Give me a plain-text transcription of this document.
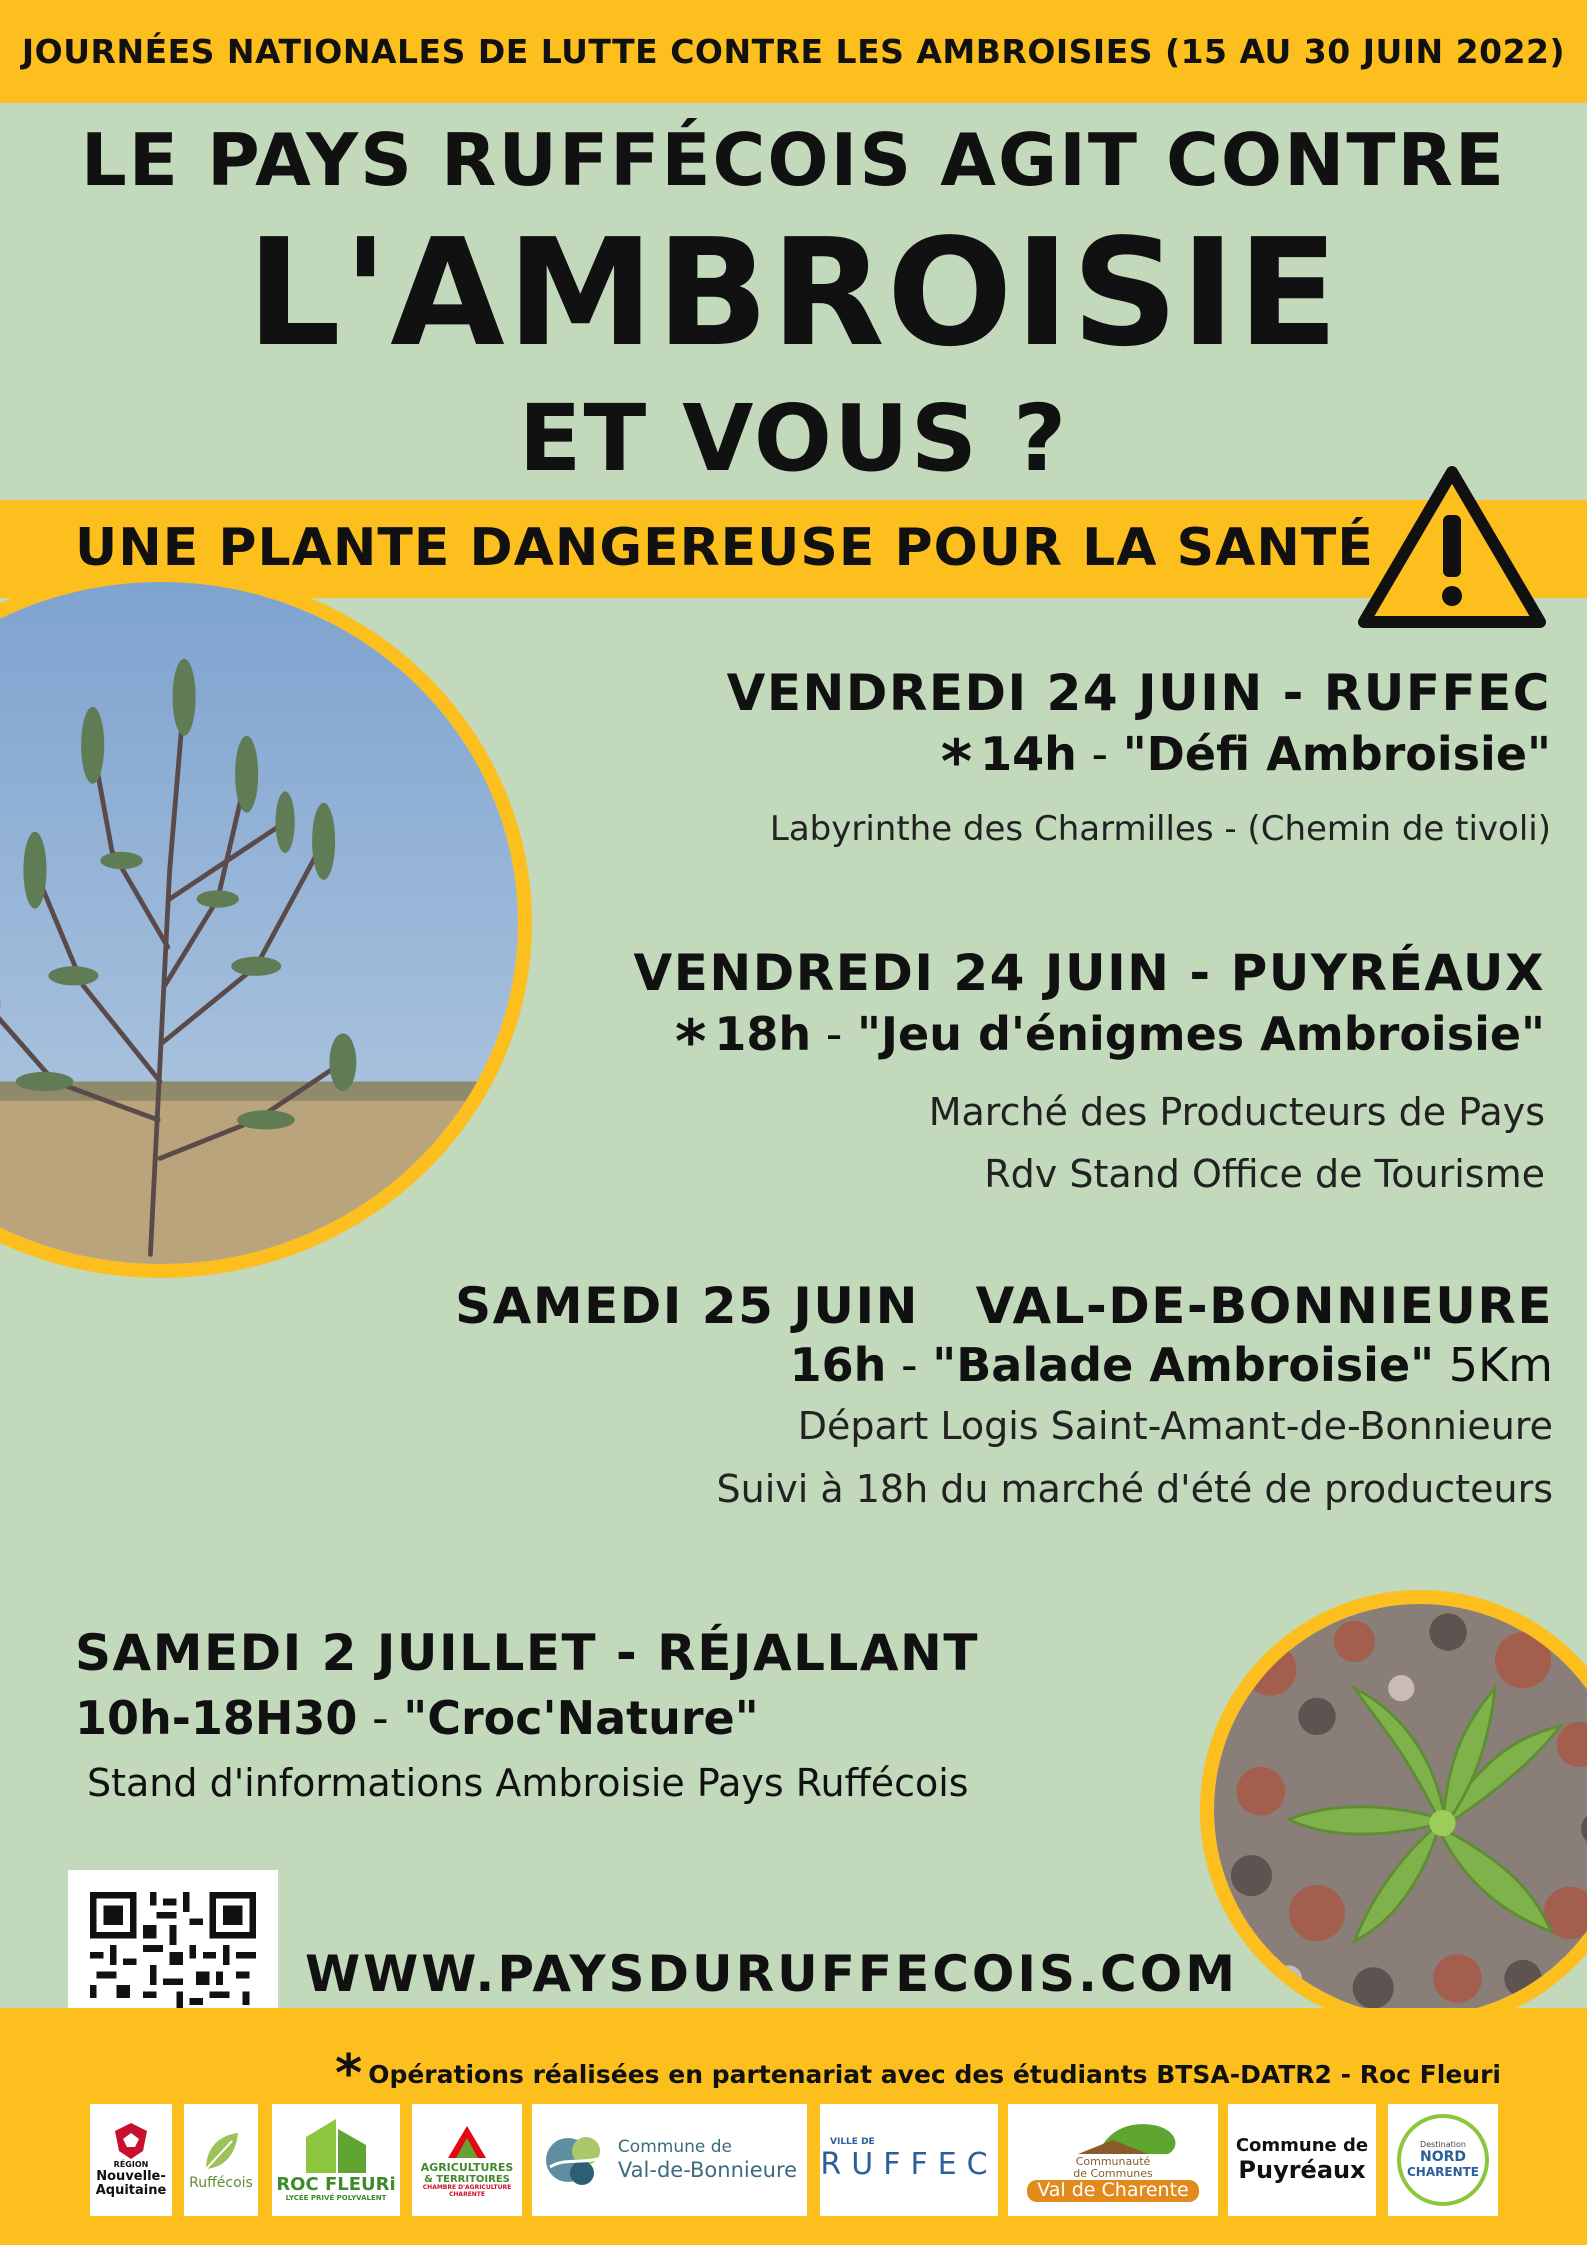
JOURNÉES NATIONALES DE LUTTE CONTRE LES AMBROISIES (15 AU 30 JUIN 2022)
LE PAYS RUFFÉCOIS AGIT CONTRE
L'AMBROISIE
ET VOUS ?
UNE PLANTE DANGEREUSE POUR LA SANTÉ
VENDREDI 24 JUIN - RUFFEC
* 14h - "Défi Ambroisie"
Labyrinthe des Charmilles - (Chemin de tivoli)
VENDREDI 24 JUIN - PUYRÉAUX
* 18h - "Jeu d'énigmes Ambroisie"
Marché des Producteurs de Pays
Rdv Stand Office de Tourisme
SAMEDI 25 JUIN   VAL-DE-BONNIEURE
16h - "Balade Ambroisie" 5Km
Départ Logis Saint-Amant-de-Bonnieure
Suivi à 18h du marché d'été de producteurs
SAMEDI 2 JUILLET - RÉJALLANT
10h-18H30 - "Croc'Nature"
Stand d'informations Ambroisie Pays Ruffécois
WWW.PAYSDURUFFECOIS.COM
* Opérations réalisées en partenariat avec des étudiants BTSA-DATR2 - Roc Fleuri
RÉGION
Nouvelle-
Aquitaine Ruffécois ROC FLEURi
LYCÉE PRIVÉ POLYVALENT
AGRICULTURES
& TERRITOIRES
CHAMBRE D'AGRICULTURE
CHARENTE
Commune de
Val-de-Bonnieure
VILLE DE
RUFFEC	Communauté
de Communes
Val de Charente
Commune de
Puyréaux
Destination
NORD
CHARENTE
